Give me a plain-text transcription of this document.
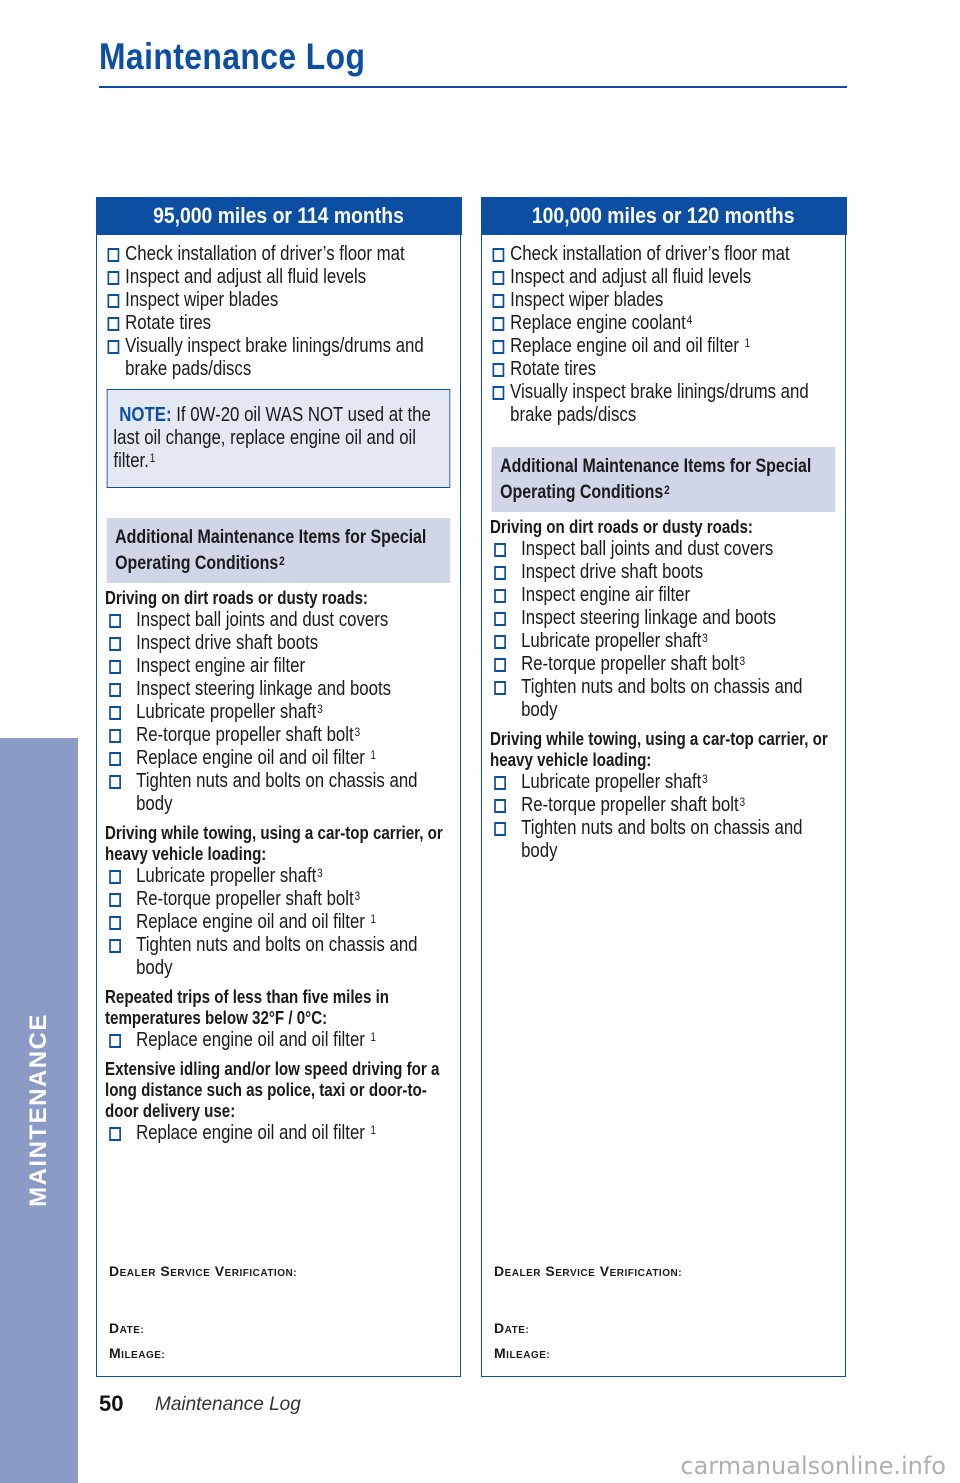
Maintenance Log
MAINTENANCE
95,000 miles or 114 months
Check installation of driver’s floor mat
Inspect and adjust all fluid levels
Inspect wiper blades
Rotate tires
Visually inspect brake linings/drums and brake pads/discs
NOTE: If 0W-20 oil WAS NOT used at the last oil change, replace engine oil and oil filter.$^1$
Additional Maintenance Items for Special Operating Conditions$^2$
Driving on dirt roads or dusty roads:
Inspect ball joints and dust covers
Inspect drive shaft boots
Inspect engine air filter
Inspect steering linkage and boots
Lubricate propeller shaft$^3$
Re-torque propeller shaft bolt$^3$
Replace engine oil and oil filter $^1$
Tighten nuts and bolts on chassis and body
Driving while towing, using a car-top carrier, or heavy vehicle loading:
Lubricate propeller shaft$^3$
Re-torque propeller shaft bolt$^3$
Replace engine oil and oil filter $^1$
Tighten nuts and bolts on chassis and body
Repeated trips of less than five miles in temperatures below 32°F / 0°C:
Replace engine oil and oil filter $^1$
Extensive idling and/or low speed driving for a long distance such as police, taxi or door-to-door delivery use:
Replace engine oil and oil filter $^1$
DEALER SERVICE VERIFICATION:
DATE:
MILEAGE:
100,000 miles or 120 months
Check installation of driver’s floor mat
Inspect and adjust all fluid levels
Inspect wiper blades
Replace engine coolant$^4$
Replace engine oil and oil filter $^1$
Rotate tires
Visually inspect brake linings/drums and brake pads/discs
Additional Maintenance Items for Special Operating Conditions$^2$
Driving on dirt roads or dusty roads:
Inspect ball joints and dust covers
Inspect drive shaft boots
Inspect engine air filter
Inspect steering linkage and boots
Lubricate propeller shaft$^3$
Re-torque propeller shaft bolt$^3$
Tighten nuts and bolts on chassis and body
Driving while towing, using a car-top carrier, or heavy vehicle loading:
Lubricate propeller shaft$^3$
Re-torque propeller shaft bolt$^3$
Tighten nuts and bolts on chassis and body
DEALER SERVICE VERIFICATION:
DATE:
MILEAGE:
50 Maintenance Log
carmanualsonline.info
